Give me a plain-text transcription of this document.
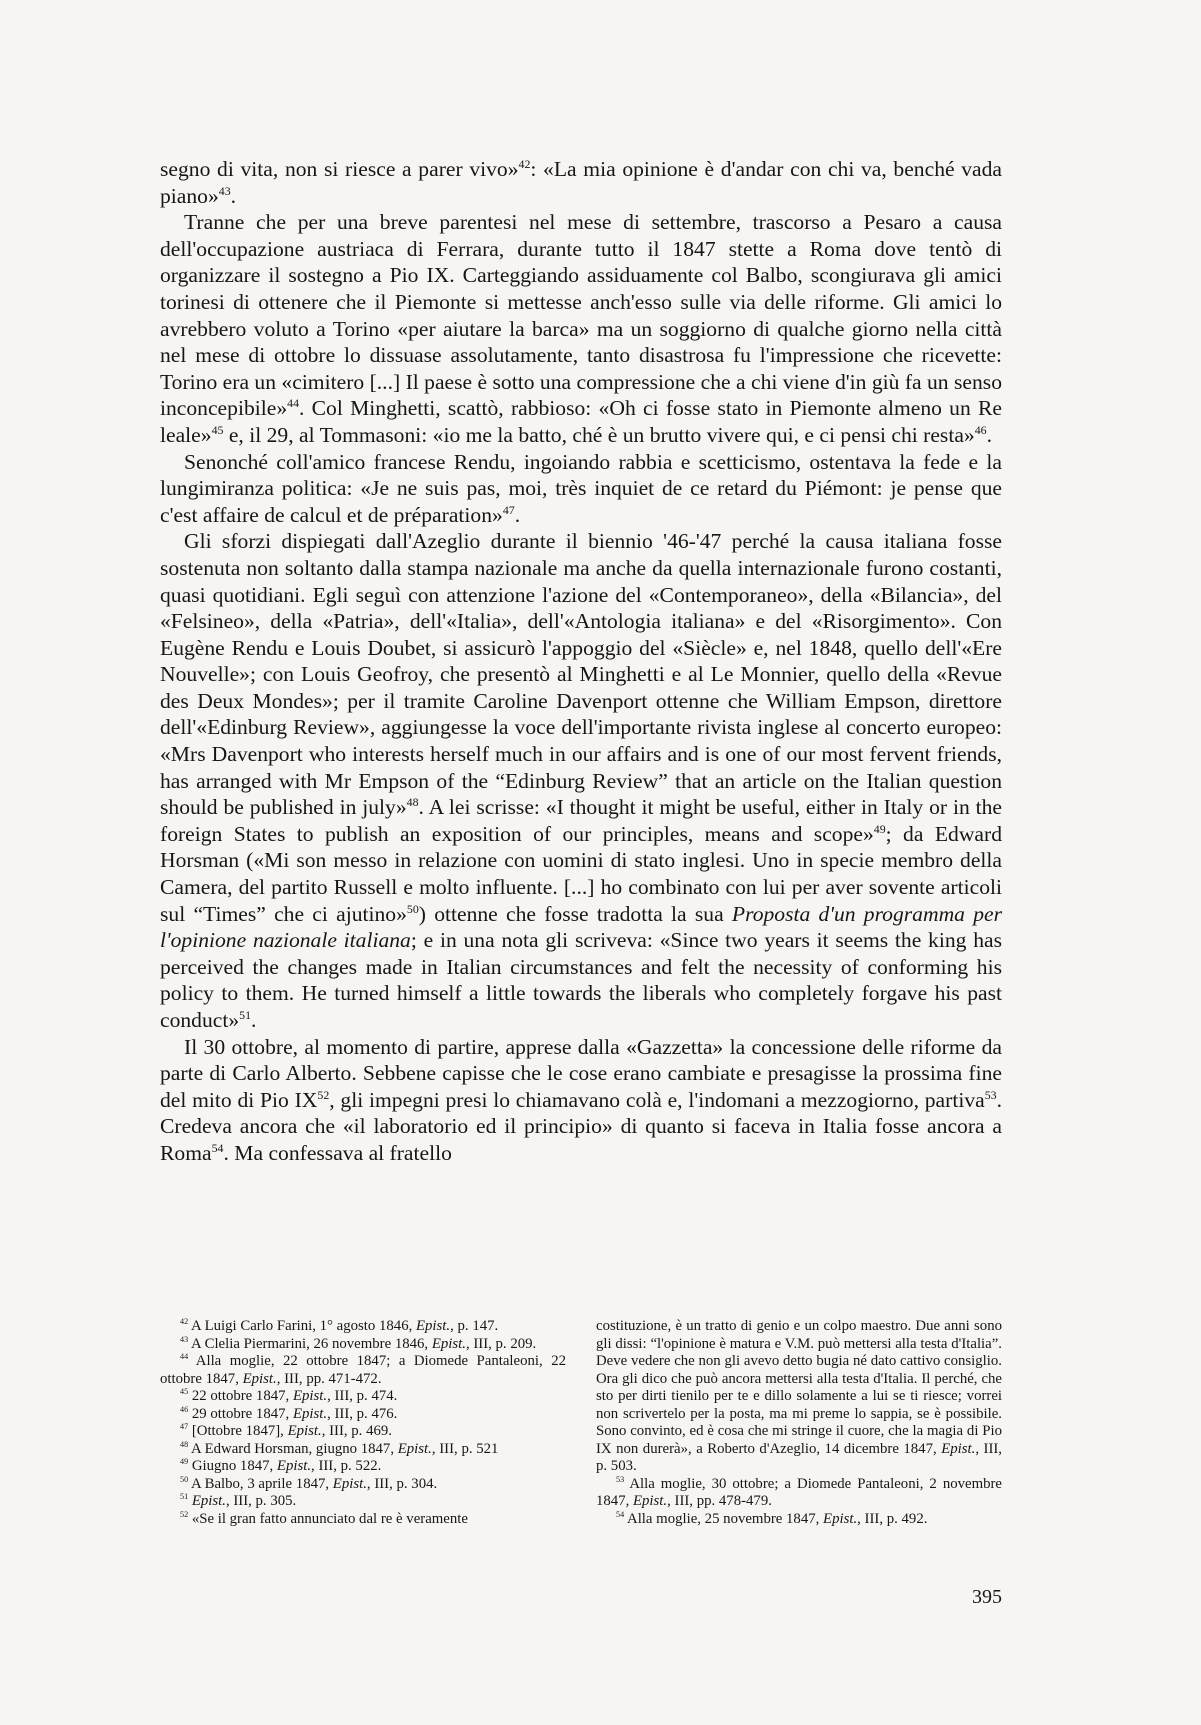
segno di vita, non si riesce a parer vivo»$^{42}$: «La mia opinione è d'andar con chi va, benché vada piano»$^{43}$.

Tranne che per una breve parentesi nel mese di settembre, trascorso a Pesaro a causa dell'occupazione austriaca di Ferrara, durante tutto il 1847 stette a Roma dove tentò di organizzare il sostegno a Pio IX. Carteggiando assiduamente col Balbo, scongiurava gli amici torinesi di ottenere che il Piemonte si mettesse anch'esso sulle via delle riforme. Gli amici lo avrebbero voluto a Torino «per aiutare la barca» ma un soggiorno di qualche giorno nella città nel mese di ottobre lo dissuase assolutamente, tanto disastrosa fu l'impressione che ricevette: Torino era un «cimitero [...] Il paese è sotto una compressione che a chi viene d'in giù fa un senso inconcepibile»$^{44}$. Col Minghetti, scattò, rabbioso: «Oh ci fosse stato in Piemonte almeno un Re leale»$^{45}$ e, il 29, al Tommasoni: «io me la batto, ché è un brutto vivere qui, e ci pensi chi resta»$^{46}$.

Senonché coll'amico francese Rendu, ingoiando rabbia e scetticismo, ostentava la fede e la lungimiranza politica: «Je ne suis pas, moi, très inquiet de ce retard du Piémont: je pense que c'est affaire de calcul et de préparation»$^{47}$.

Gli sforzi dispiegati dall'Azeglio durante il biennio '46-'47 perché la causa italiana fosse sostenuta non soltanto dalla stampa nazionale ma anche da quella internazionale furono costanti, quasi quotidiani. Egli seguì con attenzione l'azione del «Contemporaneo», della «Bilancia», del «Felsineo», della «Patria», dell'«Italia», dell'«Antologia italiana» e del «Risorgimento». Con Eugène Rendu e Louis Doubet, si assicurò l'appoggio del «Siècle» e, nel 1848, quello dell'«Ere Nouvelle»; con Louis Geofroy, che presentò al Minghetti e al Le Monnier, quello della «Revue des Deux Mondes»; per il tramite Caroline Davenport ottenne che William Empson, direttore dell'«Edinburg Review», aggiungesse la voce dell'importante rivista inglese al concerto europeo: «Mrs Davenport who interests herself much in our affairs and is one of our most fervent friends, has arranged with Mr Empson of the “Edinburg Review” that an article on the Italian question should be published in july»$^{48}$. A lei scrisse: «I thought it might be useful, either in Italy or in the foreign States to publish an exposition of our principles, means and scope»$^{49}$; da Edward Horsman («Mi son messo in relazione con uomini di stato inglesi. Uno in specie membro della Camera, del partito Russell e molto influente. [...] ho combinato con lui per aver sovente articoli sul “Times” che ci ajutino»$^{50}$) ottenne che fosse tradotta la sua Proposta d'un programma per l'opinione nazionale italiana; e in una nota gli scriveva: «Since two years it seems the king has perceived the changes made in Italian circumstances and felt the necessity of conforming his policy to them. He turned himself a little towards the liberals who completely forgave his past conduct»$^{51}$.

Il 30 ottobre, al momento di partire, apprese dalla «Gazzetta» la concessione delle riforme da parte di Carlo Alberto. Sebbene capisse che le cose erano cambiate e presagisse la prossima fine del mito di Pio IX$^{52}$, gli impegni presi lo chiamavano colà e, l'indomani a mezzogiorno, partiva$^{53}$. Credeva ancora che «il laboratorio ed il principio» di quanto si faceva in Italia fosse ancora a Roma$^{54}$. Ma confessava al fratello

$^{42}$ A Luigi Carlo Farini, 1° agosto 1846, Epist., p. 147.

$^{43}$ A Clelia Piermarini, 26 novembre 1846, Epist., III, p. 209.

$^{44}$ Alla moglie, 22 ottobre 1847; a Diomede Pantaleoni, 22 ottobre 1847, Epist., III, pp. 471-472.

$^{45}$ 22 ottobre 1847, Epist., III, p. 474.

$^{46}$ 29 ottobre 1847, Epist., III, p. 476.

$^{47}$ [Ottobre 1847], Epist., III, p. 469.

$^{48}$ A Edward Horsman, giugno 1847, Epist., III, p. 521

$^{49}$ Giugno 1847, Epist., III, p. 522.

$^{50}$ A Balbo, 3 aprile 1847, Epist., III, p. 304.

$^{51}$ Epist., III, p. 305.

$^{52}$ «Se il gran fatto annunciato dal re è veramente

costituzione, è un tratto di genio e un colpo maestro. Due anni sono gli dissi: “l'opinione è matura e V.M. può mettersi alla testa d'Italia”. Deve vedere che non gli avevo detto bugia né dato cattivo consiglio. Ora gli dico che può ancora mettersi alla testa d'Italia. Il perché, che sto per dirti tienilo per te e dillo solamente a lui se ti riesce; vorrei non scrivertelo per la posta, ma mi preme lo sappia, se è possibile. Sono convinto, ed è cosa che mi stringe il cuore, che la magia di Pio IX non durerà», a Roberto d'Azeglio, 14 dicembre 1847, Epist., III, p. 503.

$^{53}$ Alla moglie, 30 ottobre; a Diomede Pantaleoni, 2 novembre 1847, Epist., III, pp. 478-479.

$^{54}$ Alla moglie, 25 novembre 1847, Epist., III, p. 492.

395
